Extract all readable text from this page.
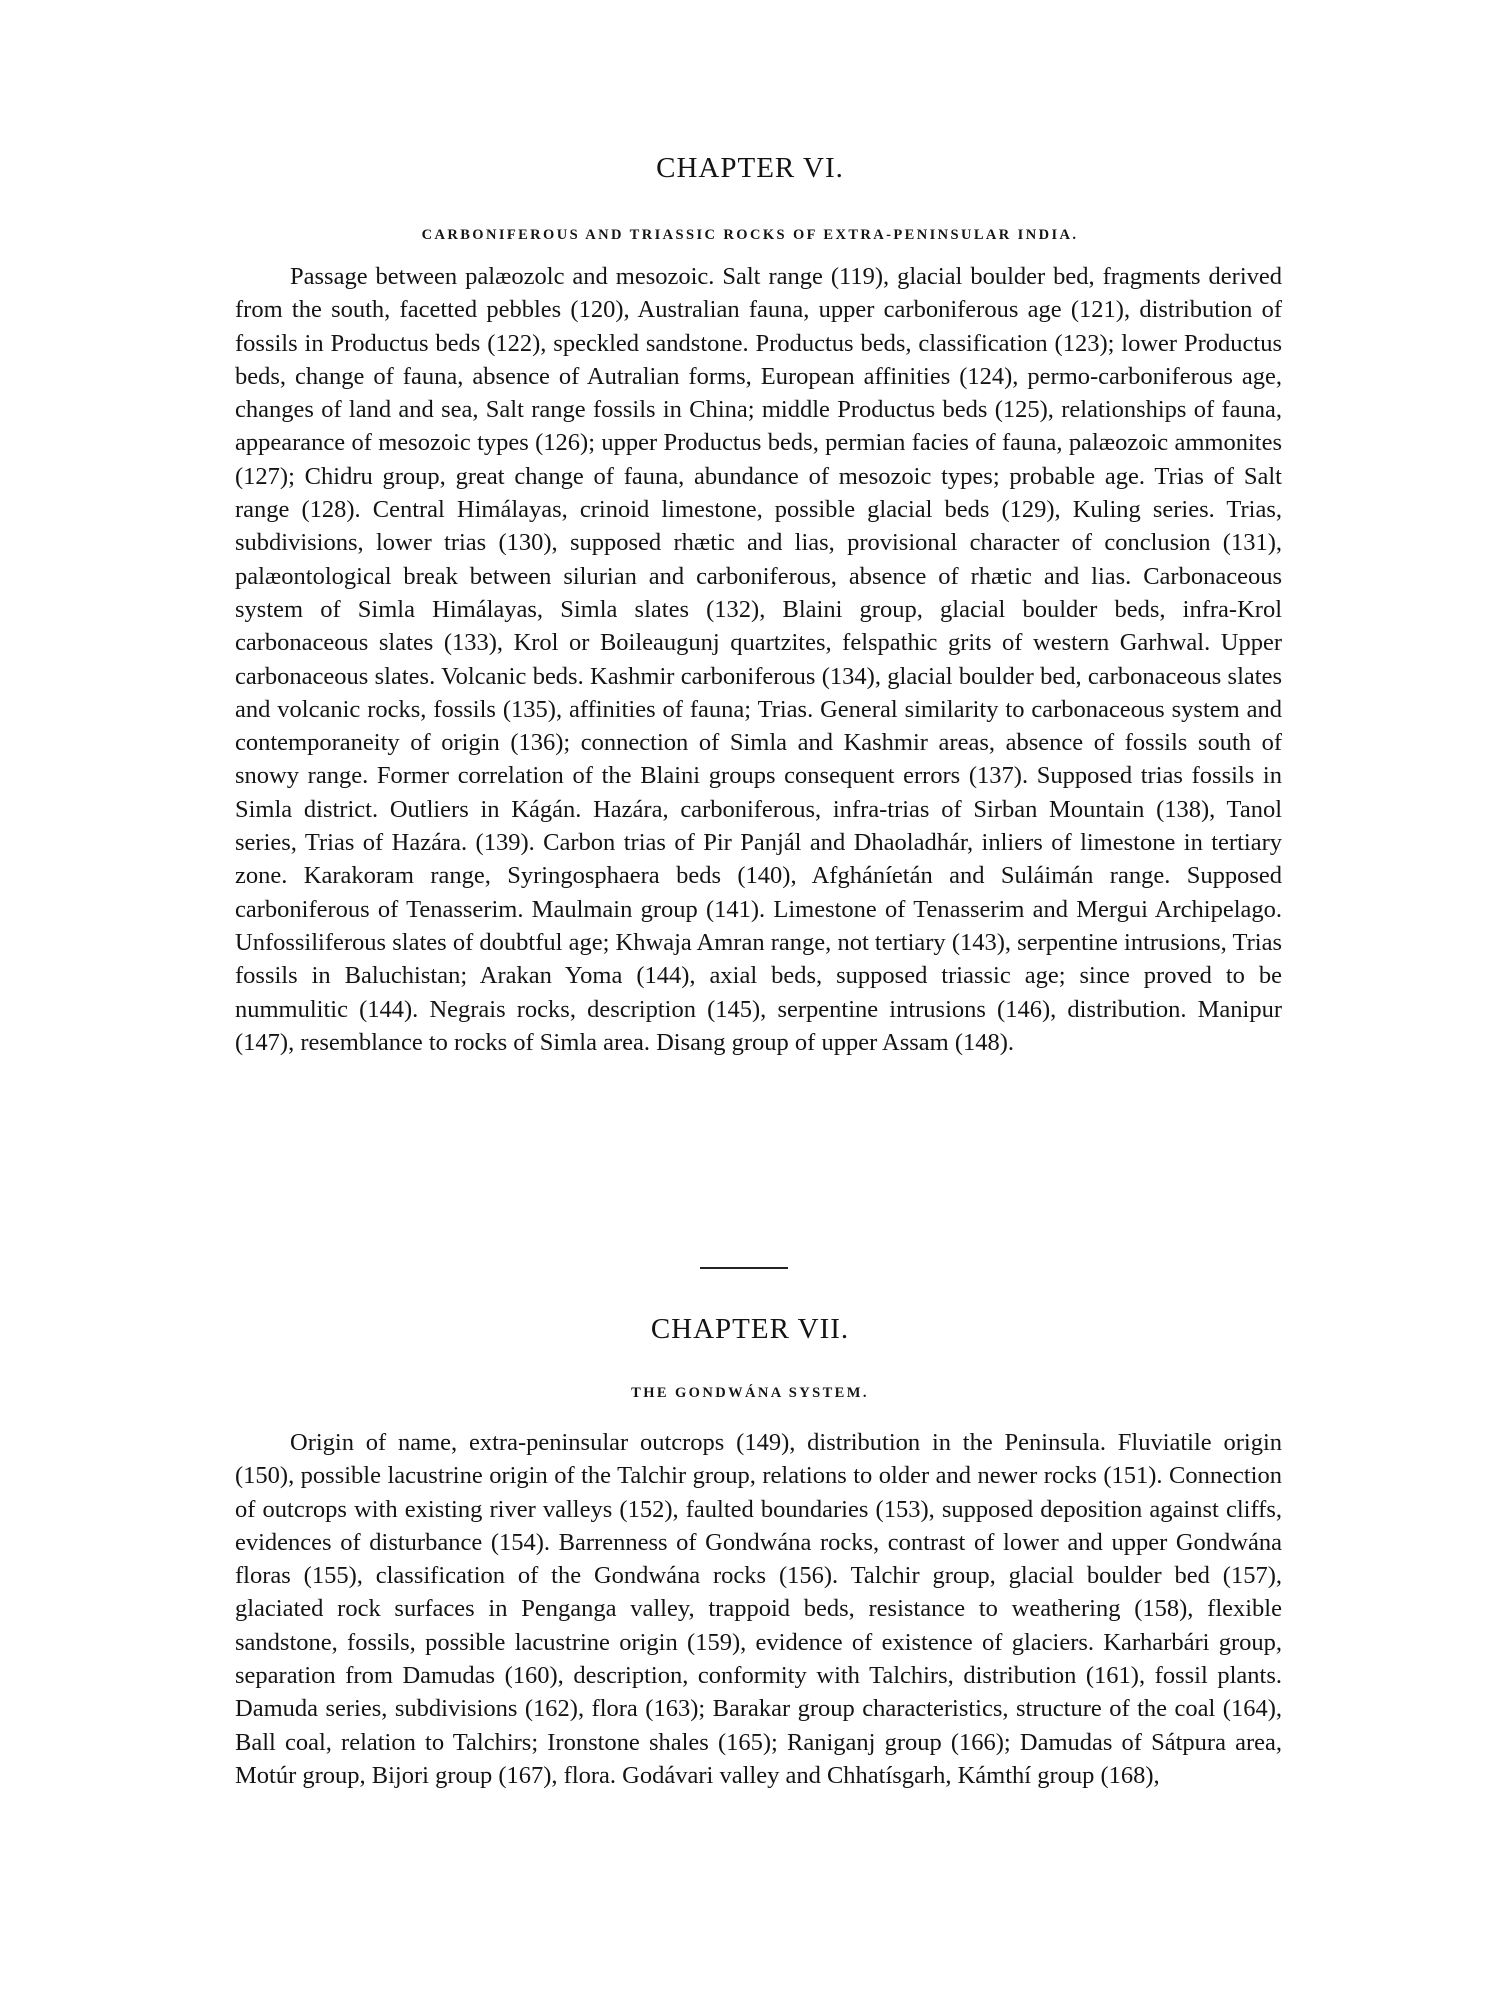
CHAPTER VI.
CARBONIFEROUS AND TRIASSIC ROCKS OF EXTRA-PENINSULAR INDIA.

Passage between palæozolc and mesozoic. Salt range (119), glacial boulder bed, fragments derived from the south, facetted pebbles (120), Australian fauna, upper carboniferous age (121), distribution of fossils in Productus beds (122), speckled sandstone. Productus beds, classification (123); lower Productus beds, change of fauna, absence of Autralian forms, European affinities (124), permo-carboniferous age, changes of land and sea, Salt range fossils in China; middle Productus beds (125), relationships of fauna, appearance of mesozoic types (126); upper Productus beds, permian facies of fauna, palæozoic ammonites (127); Chidru group, great change of fauna, abundance of mesozoic types; probable age. Trias of Salt range (128). Central Himálayas, crinoid limestone, possible glacial beds (129), Kuling series. Trias, subdivisions, lower trias (130), supposed rhætic and lias, provisional character of conclusion (131), palæontological break between silurian and carboniferous, absence of rhætic and lias. Carbonaceous system of Simla Himálayas, Simla slates (132), Blaini group, glacial boulder beds, infra-Krol carbonaceous slates (133), Krol or Boileaugunj quartzites, felspathic grits of western Garhwal. Upper carbonaceous slates. Volcanic beds. Kashmir carboniferous (134), glacial boulder bed, carbonaceous slates and volcanic rocks, fossils (135), affinities of fauna; Trias. General similarity to carbonaceous system and contemporaneity of origin (136); connection of Simla and Kashmir areas, absence of fossils south of snowy range. Former correlation of the Blaini groups consequent errors (137). Supposed trias fossils in Simla district. Outliers in Kágán. Hazára, carboniferous, infra-trias of Sirban Mountain (138), Tanol series, Trias of Hazára. (139). Carbon trias of Pir Panjál and Dhaoladhár, inliers of limestone in tertiary zone. Karakoram range, Syringosphaera beds (140), Afgháníetán and Suláimán range. Supposed carboniferous of Tenasserim. Maulmain group (141). Limestone of Tenasserim and Mergui Archipelago. Unfossiliferous slates of doubtful age; Khwaja Amran range, not tertiary (143), serpentine intrusions, Trias fossils in Baluchistan; Arakan Yoma (144), axial beds, supposed triassic age; since proved to be nummulitic (144). Negrais rocks, description (145), serpentine intrusions (146), distribution. Manipur (147), resemblance to rocks of Simla area. Disang group of upper Assam (148).

CHAPTER VII.
THE GONDWÁNA SYSTEM.

Origin of name, extra-peninsular outcrops (149), distribution in the Peninsula. Fluviatile origin (150), possible lacustrine origin of the Talchir group, relations to older and newer rocks (151). Connection of outcrops with existing river valleys (152), faulted boundaries (153), supposed deposition against cliffs, evidences of disturbance (154). Barrenness of Gondwána rocks, contrast of lower and upper Gondwána floras (155), classification of the Gondwána rocks (156). Talchir group, glacial boulder bed (157), glaciated rock surfaces in Penganga valley, trappoid beds, resistance to weathering (158), flexible sandstone, fossils, possible lacustrine origin (159), evidence of existence of glaciers. Karharbári group, separation from Damudas (160), description, conformity with Talchirs, distribution (161), fossil plants. Damuda series, subdivisions (162), flora (163); Barakar group characteristics, structure of the coal (164), Ball coal, relation to Talchirs; Ironstone shales (165); Raniganj group (166); Damudas of Sátpura area, Motúr group, Bijori group (167), flora. Godávari valley and Chhatísgarh, Kámthí group (168),
